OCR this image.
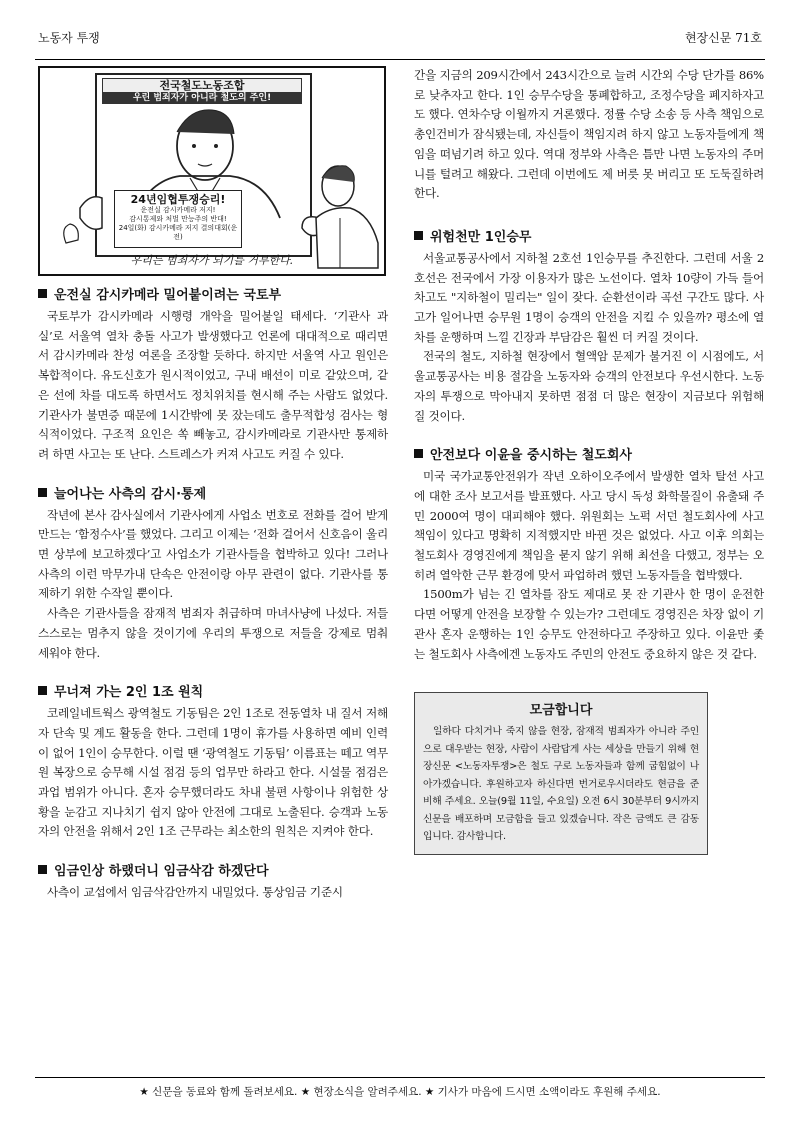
노동자 투쟁	현장신문 71호
전국철도노동조합
우린 범죄자가 아니라 철도의 주인!
24년임협투쟁승리!
운전실 감시카메라 저지!
감시통제와 처벌 만능주의 반대!
24일(화) 감시카메라 저지 결의대회(운전)
우리는 범죄자가 되기를 거부한다.
운전실 감시카메라 밀어붙이려는 국토부

국토부가 감시카메라 시행령 개악을 밀어붙일 태세다. ‘기관사 과실’로 서울역 열차 충돌 사고가 발생했다고 언론에 대대적으로 때리면서 감시카메라 찬성 여론을 조장할 듯하다. 하지만 서울역 사고 원인은 복합적이다. 유도신호가 원시적이었고, 구내 배선이 미로 같았으며, 같은 선에 차를 대도록 하면서도 정치위치를 현시해 주는 사람도 없었다. 기관사가 불면증 때문에 1시간밖에 못 잤는데도 출무적합성 검사는 형식적이었다. 구조적 요인은 쏙 빼놓고, 감시카메라로 기관사만 통제하려 하면 사고는 또 난다. 스트레스가 커져 사고도 커질 수 있다.

늘어나는 사측의 감시·통제

작년에 본사 감사실에서 기관사에게 사업소 번호로 전화를 걸어 받게 만드는 ‘함정수사’를 했었다. 그리고 이제는 ‘전화 걸어서 신호음이 울리면 상부에 보고하겠다’고 사업소가 기관사들을 협박하고 있다! 그러나 사측의 이런 막무가내 단속은 안전이랑 아무 관련이 없다. 기관사를 통제하기 위한 수작일 뿐이다.

사측은 기관사들을 잠재적 범죄자 취급하며 마녀사냥에 나섰다. 저들 스스로는 멈추지 않을 것이기에 우리의 투쟁으로 저들을 강제로 멈춰 세워야 한다.

무너져 가는 2인 1조 원칙

코레일네트웍스 광역철도 기동팀은 2인 1조로 전동열차 내 질서 저해자 단속 및 계도 활동을 한다. 그런데 1명이 휴가를 사용하면 예비 인력이 없어 1인이 승무한다. 이럴 땐 ‘광역철도 기동팀’ 이름표는 떼고 역무원 복장으로 승무해 시설 점검 등의 업무만 하라고 한다. 시설물 점검은 과업 범위가 아니다. 혼자 승무했더라도 차내 불편 사항이나 위험한 상황을 눈감고 지나치기 쉽지 않아 안전에 그대로 노출된다. 승객과 노동자의 안전을 위해서 2인 1조 근무라는 최소한의 원칙은 지켜야 한다.

임금인상 하랬더니 임금삭감 하겠단다

사측이 교섭에서 임금삭감안까지 내밀었다. 통상임금 기준시

간을 지금의 209시간에서 243시간으로 늘려 시간외 수당 단가를 86%로 낮추자고 한다. 1인 승무수당을 통폐합하고, 조정수당을 폐지하자고도 했다. 연차수당 이월까지 거론했다. 정률 수당 소송 등 사측 책임으로 총인건비가 잠식됐는데, 자신들이 책임지려 하지 않고 노동자들에게 책임을 떠넘기려 하고 있다. 역대 정부와 사측은 틈만 나면 노동자의 주머니를 털려고 해왔다. 그런데 이번에도 제 버릇 못 버리고 또 도둑질하려 한다.

위험천만 1인승무

서울교통공사에서 지하철 2호선 1인승무를 추진한다. 그런데 서울 2호선은 전국에서 가장 이용자가 많은 노선이다. 열차 10량이 가득 들어차고도 "지하철이 밀리는" 일이 잦다. 순환선이라 곡선 구간도 많다. 사고가 일어나면 승무원 1명이 승객의 안전을 지킬 수 있을까? 평소에 열차를 운행하며 느낄 긴장과 부담감은 훨씬 더 커질 것이다.

전국의 철도, 지하철 현장에서 혈액암 문제가 불거진 이 시점에도, 서울교통공사는 비용 절감을 노동자와 승객의 안전보다 우선시한다. 노동자의 투쟁으로 막아내지 못하면 점점 더 많은 현장이 지금보다 위험해질 것이다.

안전보다 이윤을 중시하는 철도회사

미국 국가교통안전위가 작년 오하이오주에서 발생한 열차 탈선 사고에 대한 조사 보고서를 발표했다. 사고 당시 독성 화학물질이 유출돼 주민 2000여 명이 대피해야 했다. 위원회는 노퍽 서던 철도회사에 사고 책임이 있다고 명확히 지적했지만 바뀐 것은 없었다. 사고 이후 의회는 철도회사 경영진에게 책임을 묻지 않기 위해 최선을 다했고, 정부는 오히려 열악한 근무 환경에 맞서 파업하려 했던 노동자들을 협박했다.

1500m가 넘는 긴 열차를 잠도 제대로 못 잔 기관사 한 명이 운전한다면 어떻게 안전을 보장할 수 있는가? 그런데도 경영진은 차장 없이 기관사 혼자 운행하는 1인 승무도 안전하다고 주장하고 있다. 이윤만 좇는 철도회사 사측에겐 노동자도 주민의 안전도 중요하지 않은 것 같다.

모금합니다

일하다 다치거나 죽지 않을 현장, 잠재적 범죄자가 아니라 주인으로 대우받는 현장, 사람이 사람답게 사는 세상을 만들기 위해 현장신문 <노동자투쟁>은 철도 구로 노동자들과 함께 굽힘없이 나아가겠습니다. 후원하고자 하신다면 번거로우시더라도 현금을 준비해 주세요. 오늘(9월 11일, 수요일) 오전 6시 30분부터 9시까지 신문을 배포하며 모금함을 들고 있겠습니다. 작은 금액도 큰 감동입니다. 감사합니다.

★ 신문을 동료와 함께 돌려보세요. ★ 현장소식을 알려주세요. ★ 기사가 마음에 드시면 소액이라도 후원해 주세요.
